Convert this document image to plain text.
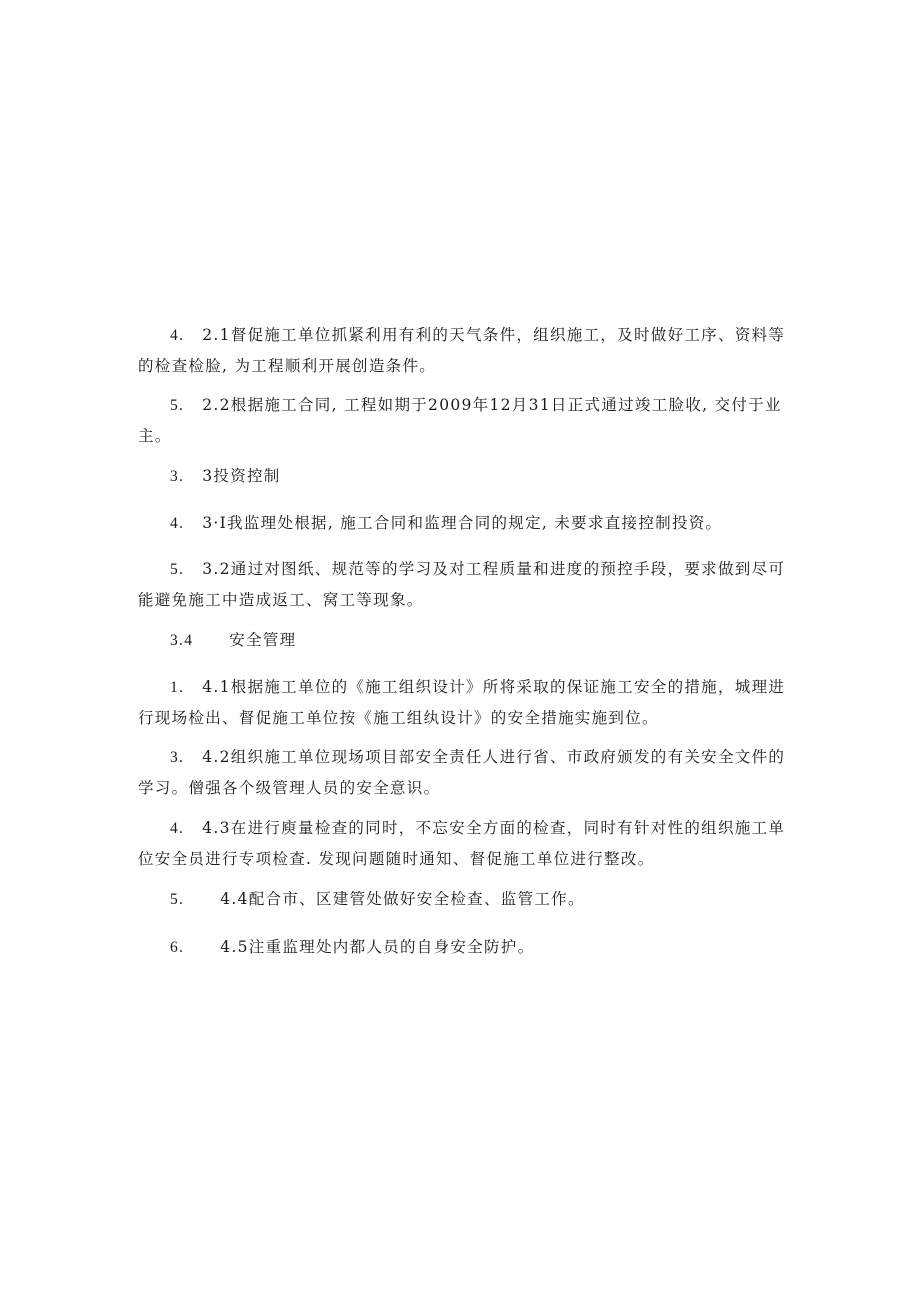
4. 2.1督促施工单位抓紧利用有利的天气条件，组织施工，及时做好工序、资料等
的检查检脸, 为工程顺利开展创造条件。
5. 2.2根据施工合同, 工程如期于2009年12月31日正式通过竣工脸收, 交付于业
主。
3. 3投资控制
4. 3·I我监理处根据, 施工合同和监理合同的规定, 未要求直接控制投资。
5. 3.2通过对图纸、规范等的学习及对工程质量和进度的预控手段，要求做到尽可
能避免施工中造成返工、窝工等现象。
3.4 安全管理
1. 4.1根据施工单位的《施工组织设计》所将采取的保证施工安全的措施，城理进
行现场检出、督促施工单位按《施工组纨设计》的安全措施实施到位。
3. 4.2组织施工单位现场项目部安全责任人进行省、市政府颁发的有关安全文件的
学习。僧强各个级管理人员的安全意识。
4. 4.3在进行庾量检查的同时，不忘安全方面的检查，同时有针对性的组织施工单
位安全员进行专项检查. 发现问题随时通知、督促施工单位进行整改。
5. 4.4配合市、区建管处做好安全检查、监管工作。
6. 4.5注重监理处内都人员的自身安全防护。
